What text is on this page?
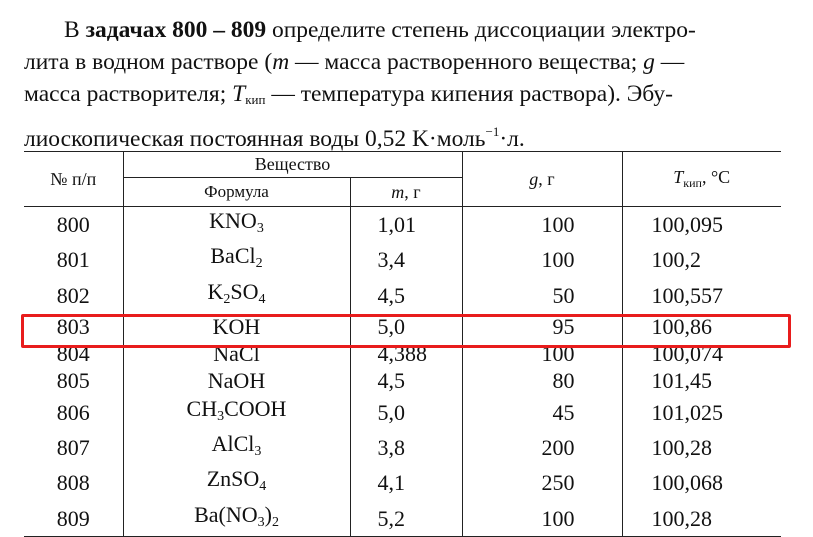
В задачах 800 – 809 определите степень диссоциации электро-
лита в водном растворе (m — масса растворенного вещества; g —
масса растворителя; $T_{кип}$ — температура кипения раствора). Эбу-
лиоскопическая постоянная воды 0,52 K·моль$^{-1}$·л.
№ п/п	Вещество		g, г	$T_{кип}$, °C
	Формула	m, г		
800	$KNO_3$	1,01	100	100,095
801	BaCl$_2$	3,4	100	100,2
802	$K_2SO_4$	4,5	50	100,557
803	KOH	5,0	95	100,86
804	NaCl	4,388	100	100,074
805	NaOH	4,5	80	101,45
806	$CH_3COOH$	5,0	45	101,025
807	AlCl$_3$	3,8	200	100,28
808	ZnSO$_4$	4,1	250	100,068
809	$Ba(NO_3)_2$	5,2	100	100,28
